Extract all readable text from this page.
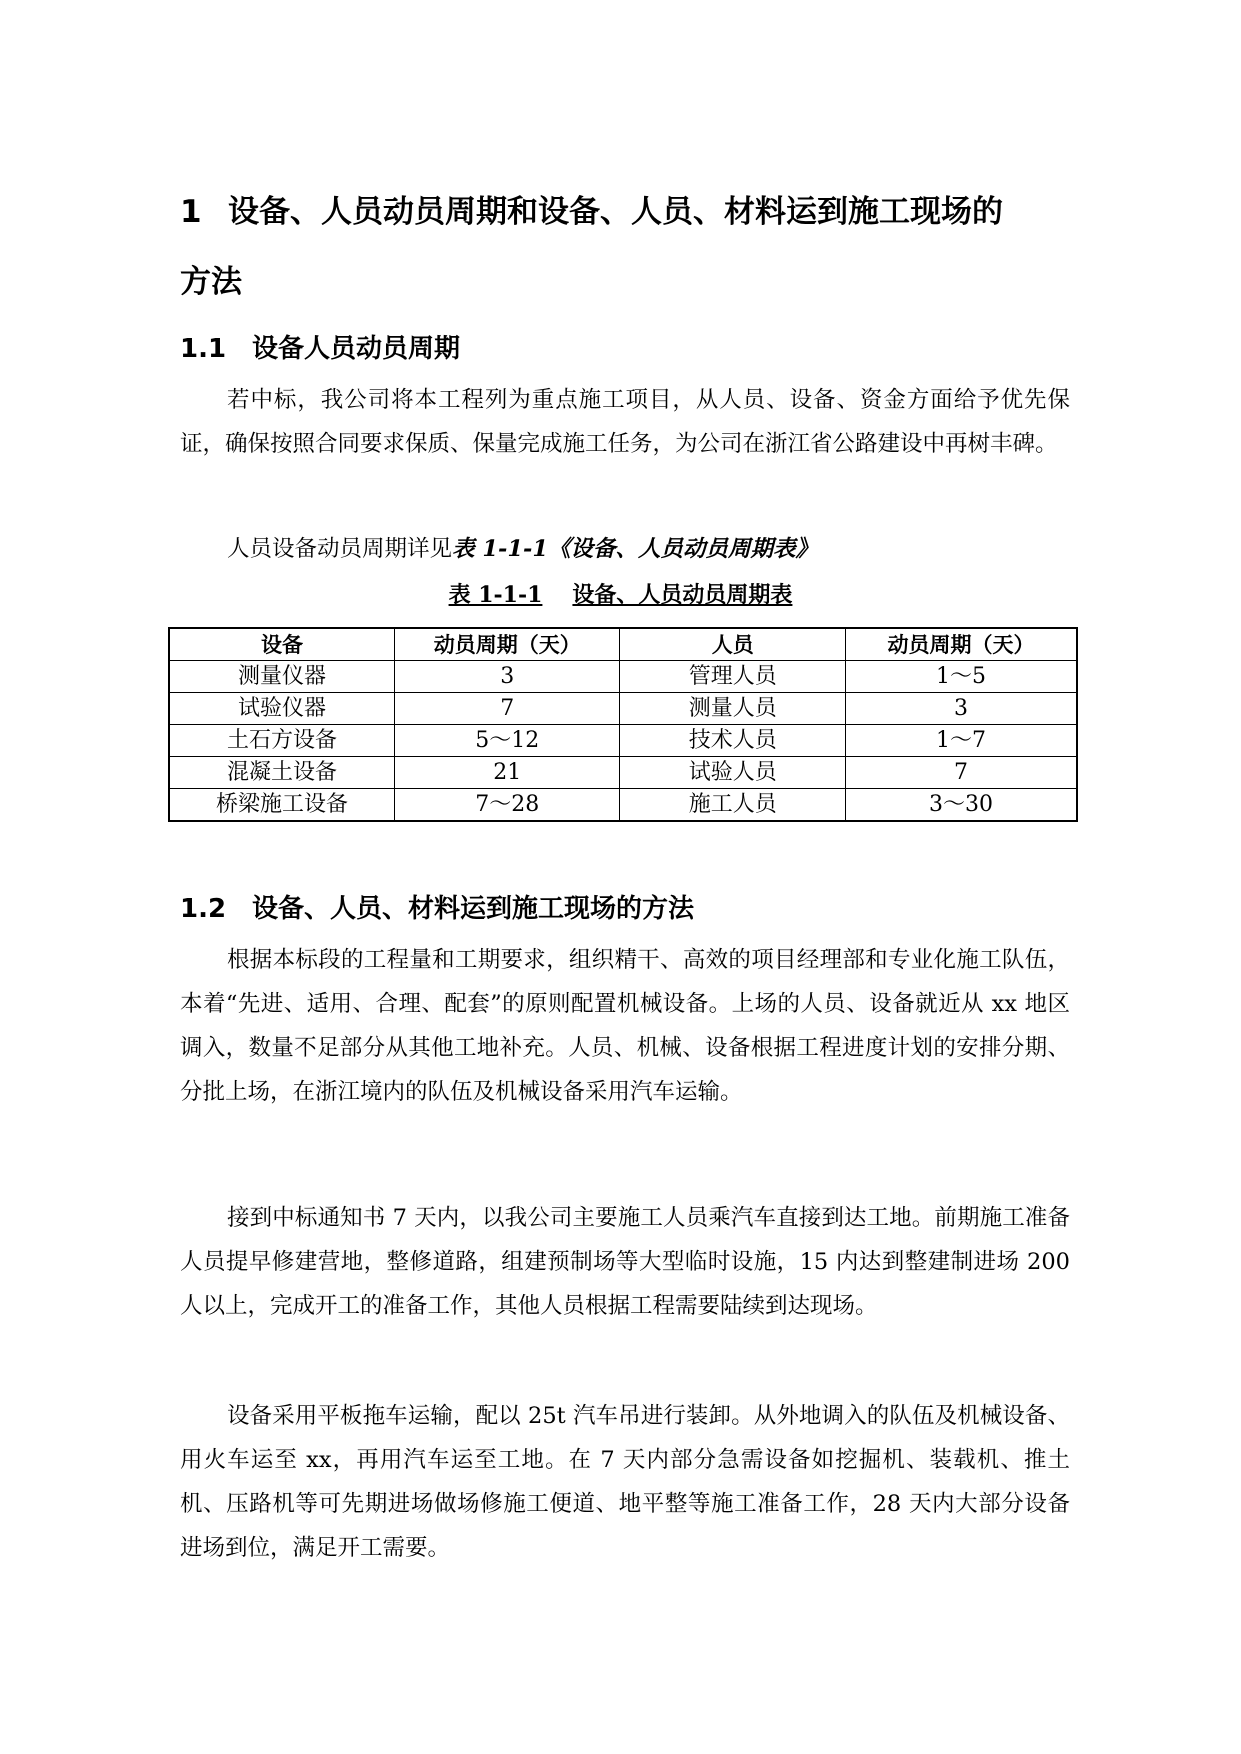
1 设备、人员动员周期和设备、人员、材料运到施工现场的
方法
1.1 设备人员动员周期
若中标，我公司将本工程列为重点施工项目，从人员、设备、资金方面给予优先保证，确保按照合同要求保质、保量完成施工任务，为公司在浙江省公路建设中再树丰碑。
人员设备动员周期详见表 1-1-1《设备、人员动员周期表》
表 1-1-1 设备、人员动员周期表
设备	动员周期（天）	人员	动员周期（天）
测量仪器	3	管理人员	1～5
试验仪器	7	测量人员	3
土石方设备	5～12	技术人员	1～7
混凝土设备	21	试验人员	7
桥梁施工设备	7～28	施工人员	3～30
1.2 设备、人员、材料运到施工现场的方法
根据本标段的工程量和工期要求，组织精干、高效的项目经理部和专业化施工队伍，本着“先进、适用、合理、配套”的原则配置机械设备。上场的人员、设备就近从 xx 地区调入，数量不足部分从其他工地补充。人员、机械、设备根据工程进度计划的安排分期、分批上场，在浙江境内的队伍及机械设备采用汽车运输。
接到中标通知书 7 天内，以我公司主要施工人员乘汽车直接到达工地。前期施工准备人员提早修建营地，整修道路，组建预制场等大型临时设施，15 内达到整建制进场 200 人以上，完成开工的准备工作，其他人员根据工程需要陆续到达现场。
设备采用平板拖车运输，配以 25t 汽车吊进行装卸。从外地调入的队伍及机械设备、用火车运至 xx，再用汽车运至工地。在 7 天内部分急需设备如挖掘机、装载机、推土机、压路机等可先期进场做场修施工便道、地平整等施工准备工作，28 天内大部分设备进场到位，满足开工需要。
